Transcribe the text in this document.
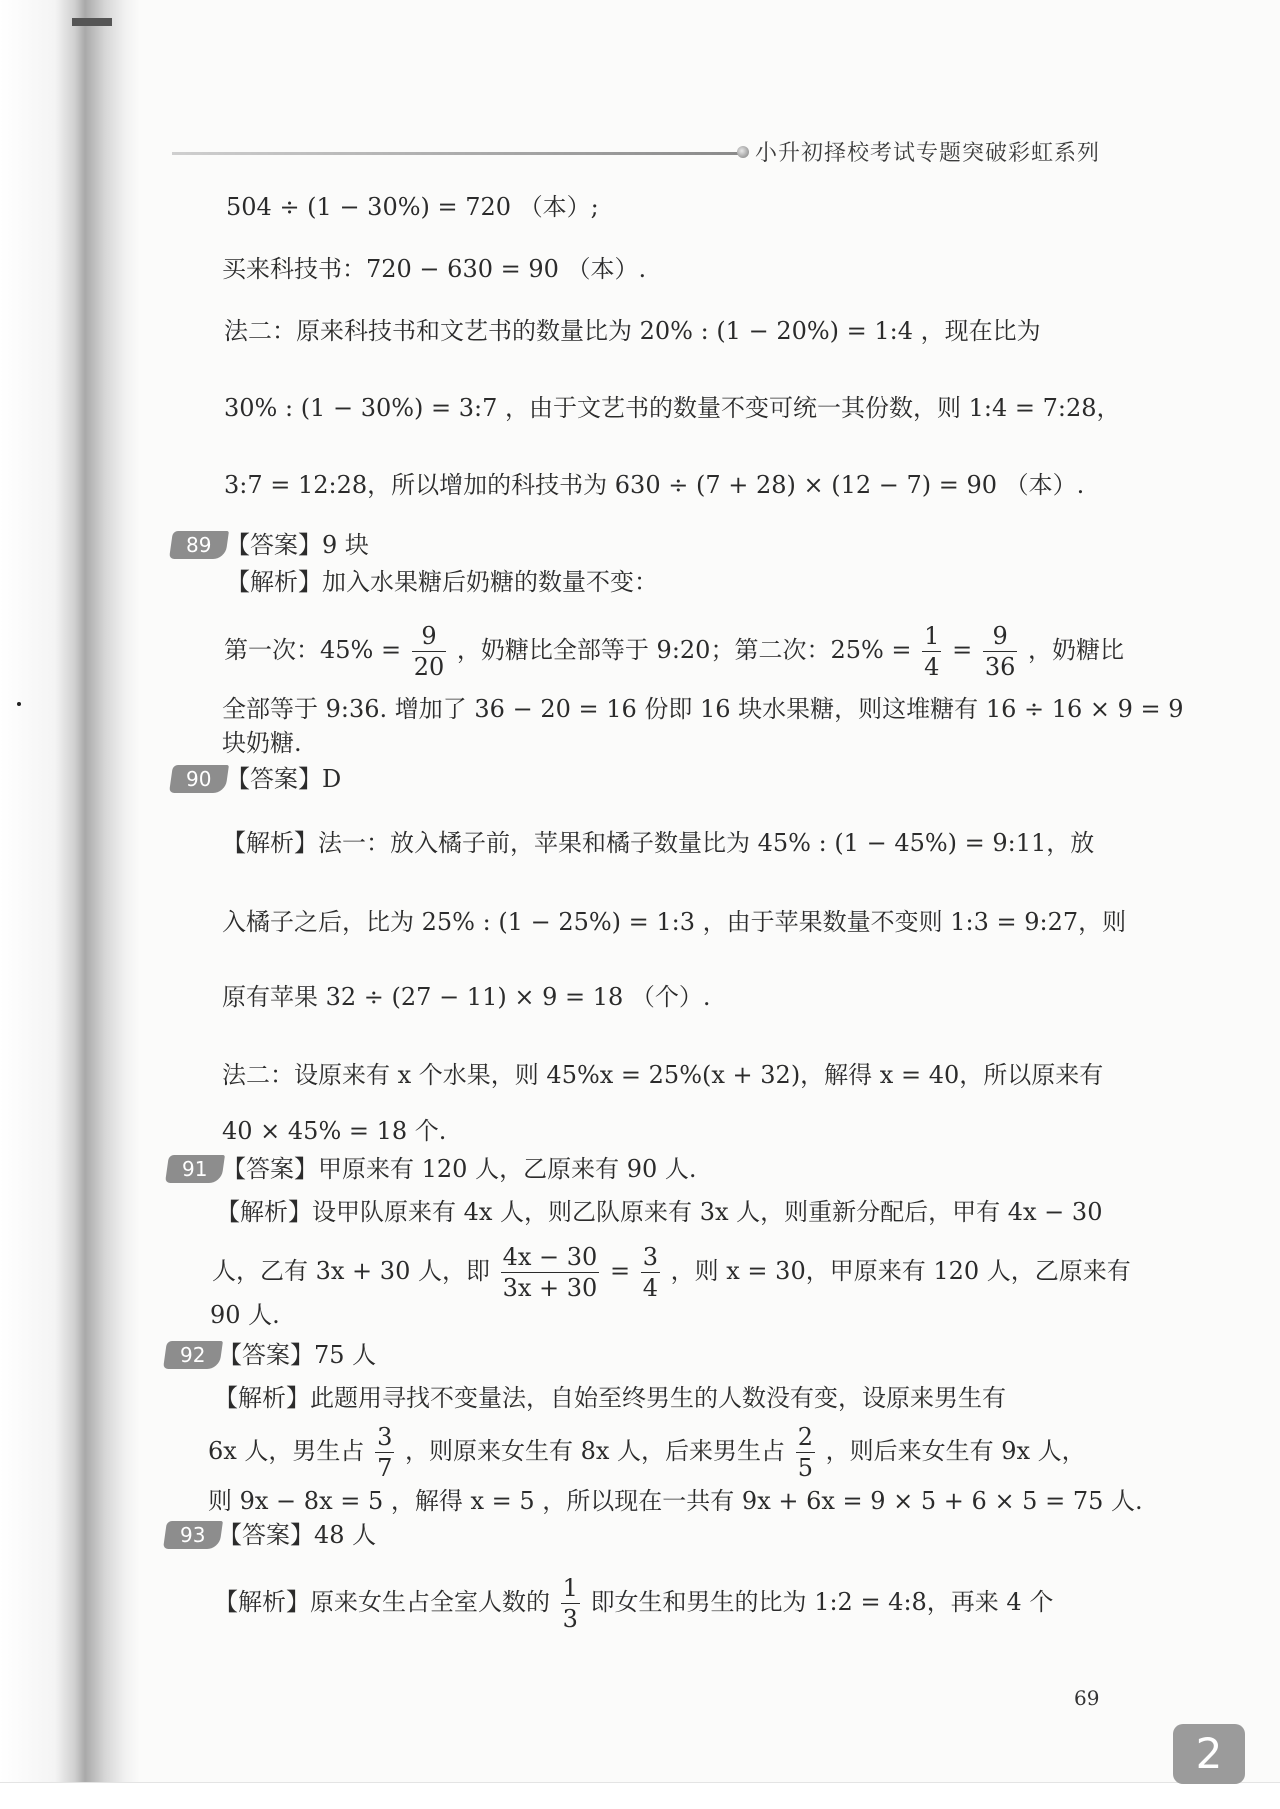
小升初择校考试专题突破彩虹系列
504 ÷ (1 − 30%) = 720 （本）;
买来科技书：720 − 630 = 90 （本）.
法二：原来科技书和文艺书的数量比为 20% : (1 − 20%) = 1:4 ，现在比为
30% : (1 − 30%) = 3:7 ，由于文艺书的数量不变可统一其份数，则 1:4 = 7:28，
3:7 = 12:28，所以增加的科技书为 630 ÷ (7 + 28) × (12 − 7) = 90 （本）.
89 【答案】9 块
【解析】加入水果糖后奶糖的数量不变：
第一次：$45\% = \frac{9}{20}$ ，奶糖比全部等于 9:20；第二次：$25\% = \frac{1}{4} = \frac{9}{36}$ ，奶糖比
全部等于 9:36. 增加了 36 − 20 = 16 份即 16 块水果糖，则这堆糖有 16 ÷ 16 × 9 = 9
块奶糖.
90 【答案】D
【解析】法一：放入橘子前，苹果和橘子数量比为 45% : (1 − 45%) = 9:11，放
入橘子之后，比为 25% : (1 − 25%) = 1:3 ，由于苹果数量不变则 1:3 = 9:27，则
原有苹果 32 ÷ (27 − 11) × 9 = 18 （个）.
法二：设原来有 x 个水果，则 45%x = 25%(x + 32)，解得 x = 40，所以原来有
40 × 45% = 18 个.
91 【答案】甲原来有 120 人，乙原来有 90 人.
【解析】设甲队原来有 4x 人，则乙队原来有 3x 人，则重新分配后，甲有 4x − 30
人，乙有 3x + 30 人，即 $\frac{4x - 30}{3x + 30} = \frac{3}{4}$ ，则 x = 30，甲原来有 120 人，乙原来有
90 人.
92 【答案】75 人
【解析】此题用寻找不变量法，自始至终男生的人数没有变，设原来男生有
6x 人，男生占 $\frac{3}{7}$ ，则原来女生有 8x 人，后来男生占 $\frac{2}{5}$ ，则后来女生有 9x 人，
则 9x − 8x = 5 ，解得 x = 5 ，所以现在一共有 9x + 6x = 9 × 5 + 6 × 5 = 75 人.
93 【答案】48 人
【解析】原来女生占全室人数的 $\frac{1}{3}$ 即女生和男生的比为 1:2 = 4:8，再来 4 个
69
2
